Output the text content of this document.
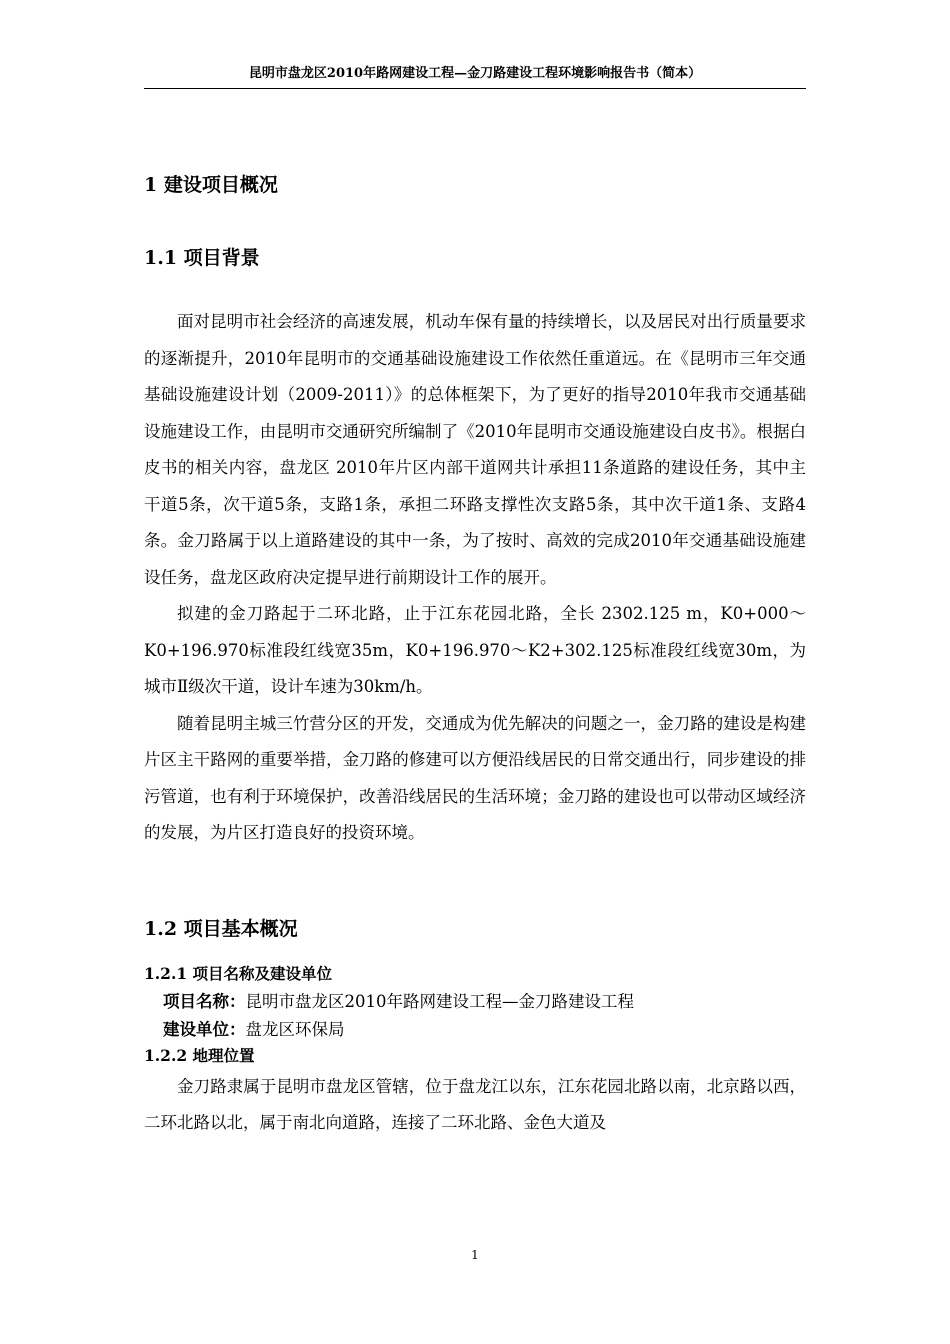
昆明市盘龙区2010年路网建设工程—金刀路建设工程环境影响报告书（简本）
1 建设项目概况
1.1 项目背景

面对昆明市社会经济的高速发展，机动车保有量的持续增长，以及居民对出行质量要求的逐渐提升，2010年昆明市的交通基础设施建设工作依然任重道远。在《昆明市三年交通基础设施建设计划（2009-2011）》的总体框架下，为了更好的指导2010年我市交通基础设施建设工作，由昆明市交通研究所编制了《2010年昆明市交通设施建设白皮书》。根据白皮书的相关内容，盘龙区 2010年片区内部干道网共计承担11条道路的建设任务，其中主干道5条，次干道5条，支路1条，承担二环路支撑性次支路5条，其中次干道1条、支路4条。金刀路属于以上道路建设的其中一条，为了按时、高效的完成2010年交通基础设施建设任务，盘龙区政府决定提早进行前期设计工作的展开。

拟建的金刀路起于二环北路，止于江东花园北路，全长 2302.125 m，K0+000～K0+196.970标准段红线宽35m，K0+196.970～K2+302.125标准段红线宽30m，为城市Ⅱ级次干道，设计车速为30km/h。

随着昆明主城三竹营分区的开发，交通成为优先解决的问题之一，金刀路的建设是构建片区主干路网的重要举措，金刀路的修建可以方便沿线居民的日常交通出行，同步建设的排污管道，也有利于环境保护，改善沿线居民的生活环境；金刀路的建设也可以带动区域经济的发展，为片区打造良好的投资环境。

1.2 项目基本概况
1.2.1 项目名称及建设单位
项目名称：昆明市盘龙区2010年路网建设工程—金刀路建设工程
建设单位：盘龙区环保局
1.2.2 地理位置

金刀路隶属于昆明市盘龙区管辖，位于盘龙江以东，江东花园北路以南，北京路以西，二环北路以北，属于南北向道路，连接了二环北路、金色大道及

1
